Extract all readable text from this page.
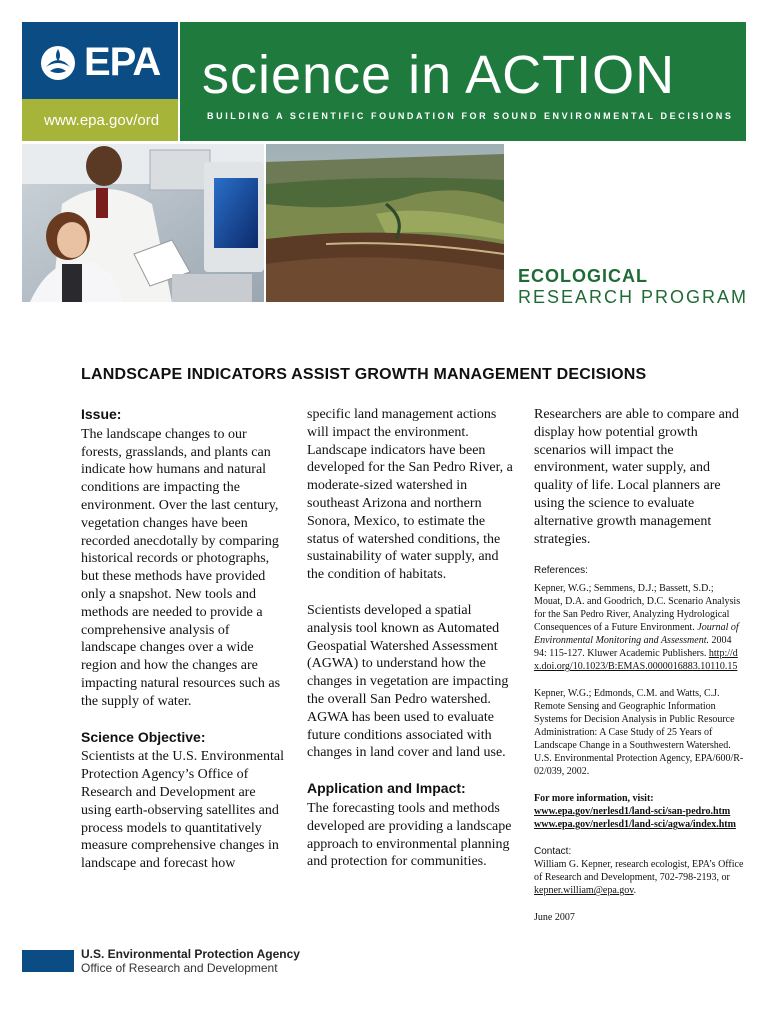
EPA
www.epa.gov/ord
science in ACTION
BUILDING A SCIENTIFIC FOUNDATION FOR SOUND ENVIRONMENTAL DECISIONS
ECOLOGICAL
RESEARCH PROGRAM
LANDSCAPE INDICATORS ASSIST GROWTH MANAGEMENT DECISIONS
Issue:

The landscape changes to our forests, grasslands, and plants can indicate how humans and natural conditions are impacting the environment. Over the last century, vegetation changes have been recorded anecdotally by comparing historical records or photographs, but these methods have provided only a snapshot. New tools and methods are needed to provide a comprehensive analysis of landscape changes over a wide region and how the changes are impacting natural resources such as the supply of water.

Science Objective:

Scientists at the U.S. Environmental Protection Agency’s Office of Research and Development are using earth-observing satellites and process models to quantitatively measure comprehensive changes in landscape and forecast how

specific land management actions will impact the environment. Landscape indicators have been developed for the San Pedro River, a moderate-sized watershed in southeast Arizona and northern Sonora, Mexico, to estimate the status of watershed conditions, the sustainability of water supply, and the condition of habitats.

Scientists developed a spatial analysis tool known as Automated Geospatial Watershed Assessment (AGWA) to understand how the changes in vegetation are impacting the overall San Pedro watershed. AGWA has been used to evaluate future conditions associated with changes in land cover and land use.

Application and Impact:

The forecasting tools and methods developed are providing a landscape approach to environmental planning and protection for communities.

Researchers are able to compare and display how potential growth scenarios will impact the environment, water supply, and quality of life. Local planners are using the science to evaluate alternative growth management strategies.

References:
Kepner, W.G.; Semmens, D.J.; Bassett, S.D.; Mouat, D.A. and Goodrich, D.C. Scenario Analysis for the San Pedro River, Analyzing Hydrological Consequences of a Future Environment. Journal of Environmental Monitoring and Assessment. 2004 94: 115-127. Kluwer Academic Publishers. http://dx.doi.org/10.1023/B:EMAS.0000016883.10110.15
Kepner, W.G.; Edmonds, C.M. and Watts, C.J. Remote Sensing and Geographic Information Systems for Decision Analysis in Public Resource Administration: A Case Study of 25 Years of Landscape Change in a Southwestern Watershed. U.S. Environmental Protection Agency, EPA/600/R-02/039, 2002.
For more information, visit:
www.epa.gov/nerlesd1/land-sci/san-pedro.htm
www.epa.gov/nerlesd1/land-sci/agwa/index.htm
Contact:
William G. Kepner, research ecologist, EPA’s Office of Research and Development, 702-798-2193, or kepner.william@epa.gov.
June 2007
U.S. Environmental Protection Agency
Office of Research and Development
